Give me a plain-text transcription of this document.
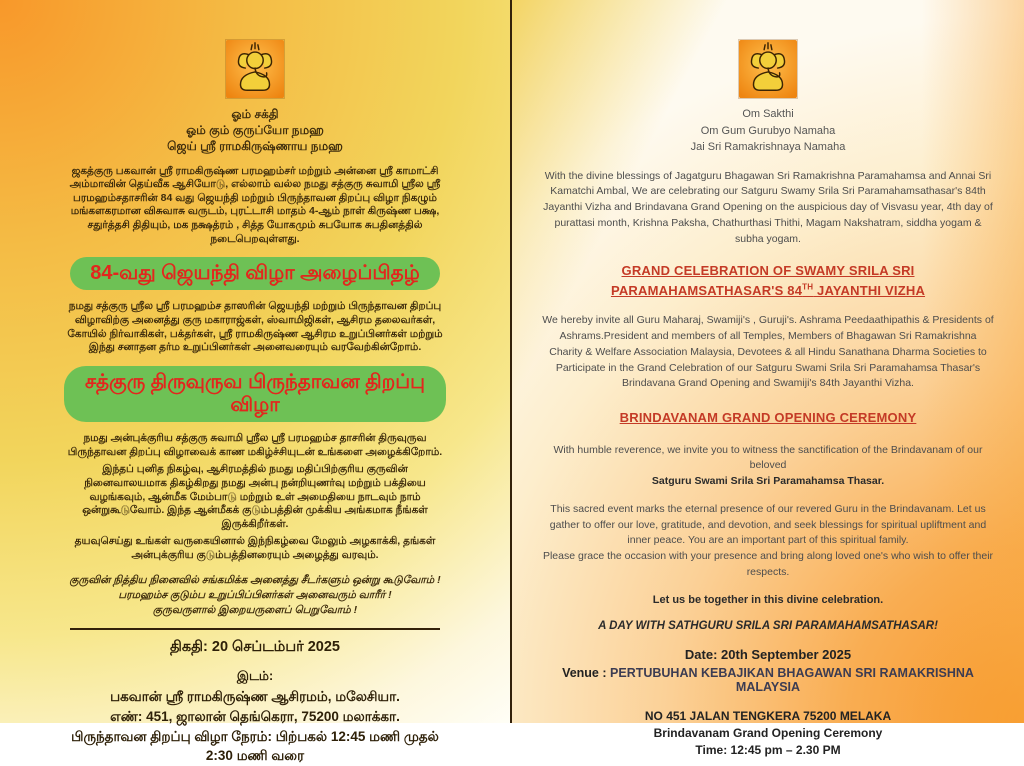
ஓம் சக்தி
ஓம் கும் குருப்யோ நமஹ
ஜெய் ஸ்ரீ ராமகிருஷ்ணாய நமஹ

ஜகத்குரு பகவான் ஸ்ரீ ராமகிருஷ்ண பரமஹம்சர் மற்றும் அன்னை ஸ்ரீ காமாட்சி அம்மாவின் தெய்வீக ஆசியோடு, எல்லாம் வல்ல நமது சத்குரு சுவாமி ஸ்ரீல ஸ்ரீ பரமஹம்சதாசரின் 84 வது ஜெயந்தி மற்றும் பிருந்தாவன திறப்பு விழா நிகழும் மங்களகரமான விசுவாசு வருடம், புரட்டாசி மாதம் 4-ஆம் நாள் கிருஷ்ண பக்ஷ, சதுர்த்தசி திதியும், மக நக்ஷத்ரம் , சித்த யோகமும் சுபயோக சுபதினத்தில் நடைபெறவுள்ளது.

84-வது ஜெயந்தி விழா அழைப்பிதழ்

நமது சத்குரு ஸ்ரீல ஸ்ரீ பரமஹம்ச தாஸரின் ஜெயந்தி மற்றும் பிருந்தாவன திறப்பு விழாவிற்கு அனைத்து குரு மகாராஜ்கள், ஸ்வாமிஜிகள், ஆசிரம தலைவர்கள், கோயில் நிர்வாகிகள், பக்தர்கள், ஸ்ரீ ராமகிருஷ்ண ஆசிரம உறுப்பினர்கள் மற்றும் இந்து சனாதன தர்ம உறுப்பினர்கள் அனைவரையும் வரவேற்கின்றோம்.

சத்குரு திருவுருவ பிருந்தாவன திறப்பு விழா

நமது அன்புக்குரிய சத்குரு சுவாமி ஸ்ரீல ஸ்ரீ பரமஹம்ச தாசரின் திருவுருவ பிருந்தாவன திறப்பு விழாவைக் காண மகிழ்ச்சியுடன் உங்களை அழைக்கிறோம்.

இந்தப் புனித நிகழ்வு, ஆசிரமத்தில் நமது மதிப்பிற்குரிய குருவின் நினைவாலயமாக திகழ்கிறது நமது அன்பு நன்றியுணர்வு மற்றும் பக்தியை வழங்கவும், ஆன்மீக மேம்பாடு மற்றும் உள் அமைதியை நாடவும் நாம் ஒன்றுகூடுவோம். இந்த ஆன்மீகக் குடும்பத்தின் முக்கிய அங்கமாக நீங்கள் இருக்கிறீர்கள்.

தயவுசெய்து உங்கள் வருகையினால் இந்நிகழ்வை மேலும் அழகாக்கி, தங்கள் அன்புக்குரிய குடும்பத்தினரையும் அழைத்து வரவும்.

குருவின் நித்திய நினைவில் சங்கமிக்க அனைத்து சீடர்களும் ஒன்று கூடுவோம் !
பரமஹம்ச குடும்ப உறுப்பிப்பினர்கள் அனைவரும் வாரீர் !
குருவருளால் இறையருளைப் பெறுவோம் !
திகதி: 20 செப்டம்பர் 2025
இடம்:
பகவான் ஸ்ரீ ராமகிருஷ்ண ஆசிரமம், மலேசியா.
எண்: 451, ஜாலான் தெங்கெரா, 75200 மலாக்கா.
பிருந்தாவன திறப்பு விழா நேரம்: பிற்பகல் 12:45 மணி முதல் 2:30 மணி வரை
Om Sakthi
Om Gum Gurubyo Namaha
Jai Sri Ramakrishnaya Namaha

With the divine blessings of Jagatguru Bhagawan Sri Ramakrishna Paramahamsa and Annai Sri Kamatchi Ambal, We are celebrating our Satguru Swamy Srila Sri Paramahamsathasar's 84th Jayanthi Vizha and Brindavana Grand Opening on the auspicious day of Visvasu year, 4th day of purattasi month, Krishna Paksha, Chathurthasi Thithi, Magam Nakshatram, siddha yogam & subha yogam.

GRAND CELEBRATION OF SWAMY SRILA SRI
PARAMAHAMSATHASAR'S 84TH JAYANTHI VIZHA

We hereby invite all Guru Maharaj, Swamiji's , Guruji's. Ashrama Peedaathipathis & Presidents of Ashrams.President and members of all Temples, Members of Bhagawan Sri Ramakrishna Charity & Welfare Association Malaysia, Devotees & all Hindu Sanathana Dharma Societies to Participate in the Grand Celebration of our Satguru Swami Srila Sri Paramahamsa Thasar's Brindavana Grand Opening and Swamiji's 84th Jayanthi Vizha.

BRINDAVANAM GRAND OPENING CEREMONY

With humble reverence, we invite you to witness the sanctification of the Brindavanam of our beloved
Satguru Swami Srila Sri Paramahamsa Thasar.

This sacred event marks the eternal presence of our revered Guru in the Brindavanam. Let us gather to offer our love, gratitude, and devotion, and seek blessings for spiritual upliftment and inner peace. You are an important part of this spiritual family.
Please grace the occasion with your presence and bring along loved one's who wish to offer their respects.

Let us be together in this divine celebration.
A DAY WITH SATHGURU SRILA SRI PARAMAHAMSATHASAR!
Date: 20th September 2025
Venue : PERTUBUHAN KEBAJIKAN BHAGAWAN SRI RAMAKRISHNA MALAYSIA
NO 451 JALAN TENGKERA 75200 MELAKA
Brindavanam Grand Opening Ceremony
Time: 12:45 pm – 2.30 PM
